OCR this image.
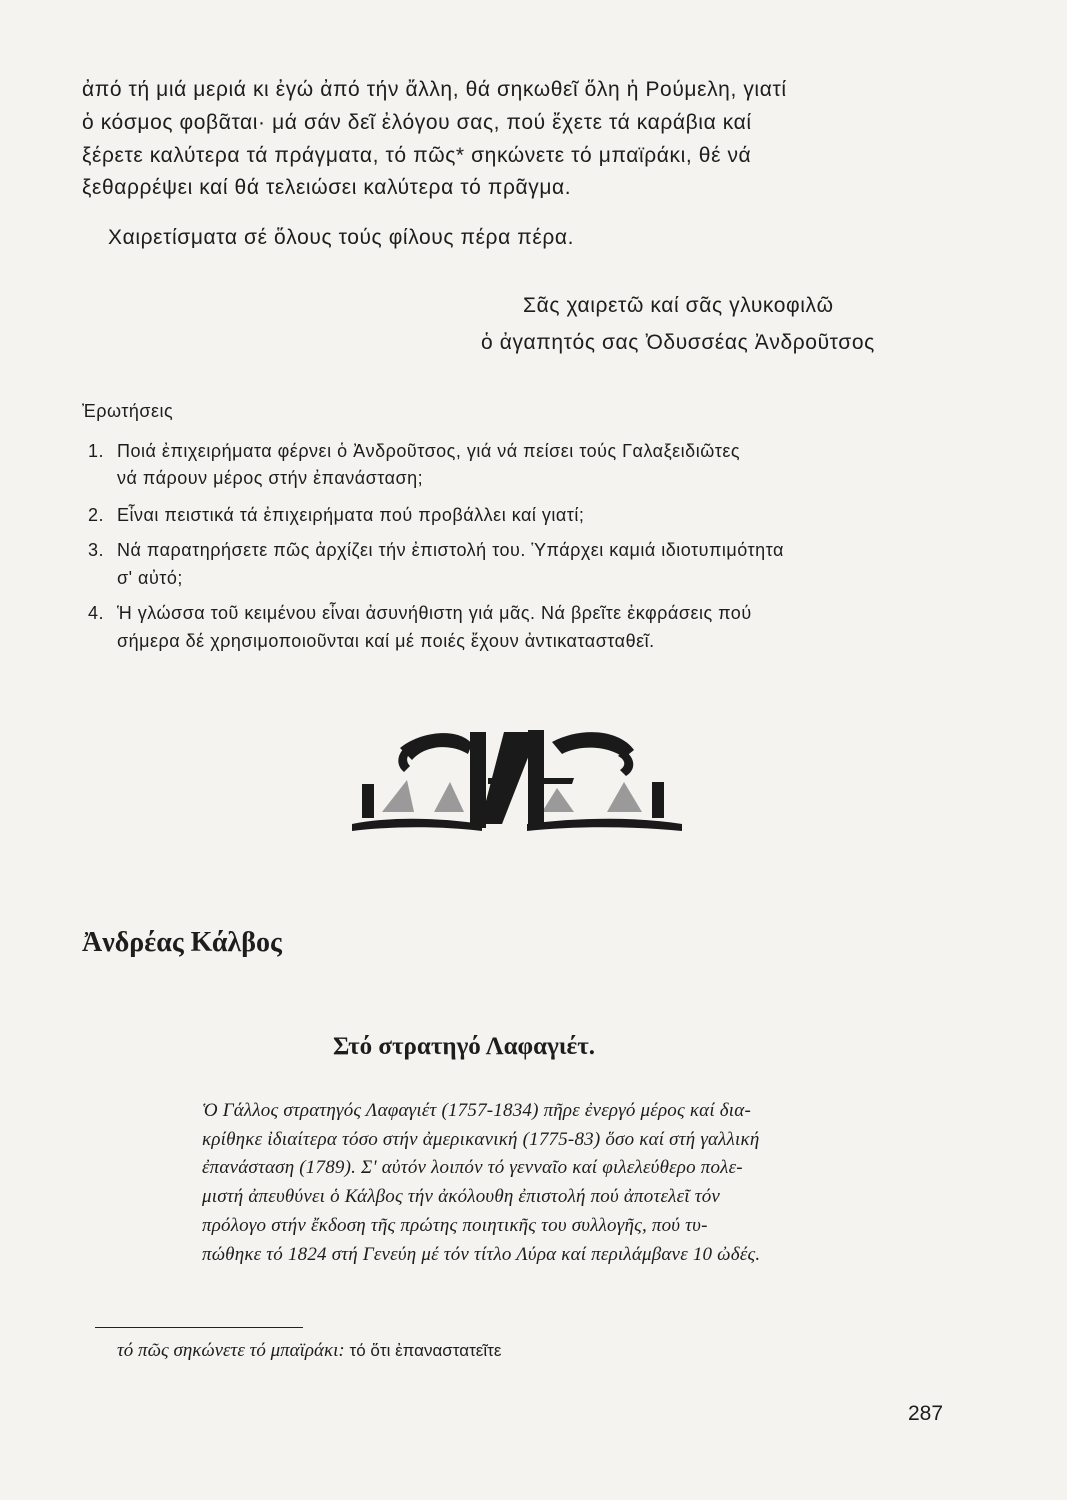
ἀπό τή μιά μεριά κι ἐγώ ἀπό τήν ἄλλη, θά σηκωθεῖ ὅλη ἡ Ρούμελη, γιατί
ὁ κόσμος φοβᾶται· μά σάν δεῖ ἐλόγου σας, πού ἔχετε τά καράβια καί
ξέρετε καλύτερα τά πράγματα, τό πῶς* σηκώνετε τό μπαϊράκι, θέ νά
ξεθαρρέψει καί θά τελειώσει καλύτερα τό πρᾶγμα.
Χαιρετίσματα σέ ὅλους τούς φίλους πέρα πέρα.
Σᾶς χαιρετῶ καί σᾶς γλυκοφιλῶ
ὁ ἀγαπητός σας Ὀδυσσέας Ἀνδροῦτσος
Ἐρωτήσεις
1. Ποιά ἐπιχειρήματα φέρνει ὁ Ἀνδροῦτσος, γιά νά πείσει τούς Γαλαξειδιῶτες
νά πάρουν μέρος στήν ἐπανάσταση;
2. Εἶναι πειστικά τά ἐπιχειρήματα πού προβάλλει καί γιατί;
3. Νά παρατηρήσετε πῶς ἀρχίζει τήν ἐπιστολή του. Ὑπάρχει καμιά ιδιοτυπιμότητα
σ' αὐτό;
4. Ἡ γλώσσα τοῦ κειμένου εἶναι ἀσυνήθιστη γιά μᾶς. Νά βρεῖτε ἐκφράσεις πού
σήμερα δέ χρησιμοποιοῦνται καί μέ ποιές ἔχουν ἀντικατασταθεῖ.
Ἀνδρέας Κάλβος
Στό στρατηγό Λαφαγιέτ.
Ὁ Γάλλος στρατηγός Λαφαγιέτ (1757-1834) πῆρε ἐνεργό μέρος καί δια-
κρίθηκε ἰδιαίτερα τόσο στήν ἀμερικανική (1775-83) ὅσο καί στή γαλλική
ἐπανάσταση (1789). Σ' αὐτόν λοιπόν τό γενναῖο καί φιλελεύθερο πολε-
μιστή ἀπευθύνει ὁ Κάλβος τήν ἀκόλουθη ἐπιστολή πού ἀποτελεῖ τόν
πρόλογο στήν ἔκδοση τῆς πρώτης ποιητικῆς του συλλογῆς, πού τυ-
πώθηκε τό 1824 στή Γενεύη μέ τόν τίτλο Λύρα καί περιλάμβανε 10 ὠδές.
τό πῶς σηκώνετε τό μπαϊράκι: τό ὅτι ἐπαναστατεῖτε
287
